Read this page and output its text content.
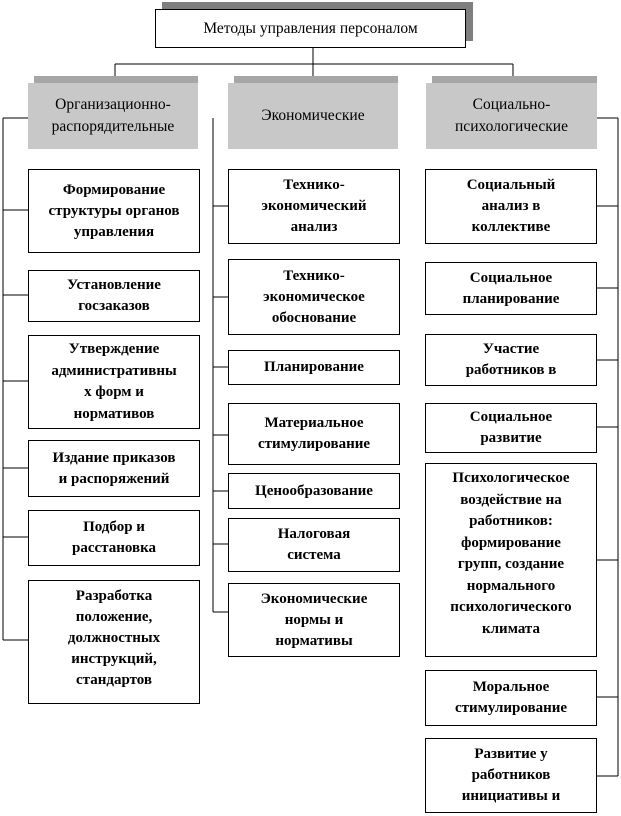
Методы управления персоналом
Организационно-
распорядительные
Экономические
Социально-
психологические
Формирование
структуры органов
управления
Установление
госзаказов
Утверждение
административны
х форм и
нормативов
Издание приказов
и распоряжений
Подбор и
расстановка
Разработка
положение,
должностных
инструкций,
стандартов
Технико-
экономический
анализ
Технико-
экономическое
обоснование
Планирование
Материальное
стимулирование
Ценообразование
Налоговая
система
Экономические
нормы и
нормативы
Социальный
анализ в
коллективе
Социальное
планирование
Участие
работников в
Социальное
развитие
Психологическое
воздействие на
работников:
формирование
групп, создание
нормального
психологического
климата
Моральное
стимулирование
Развитие у
работников
инициативы и
